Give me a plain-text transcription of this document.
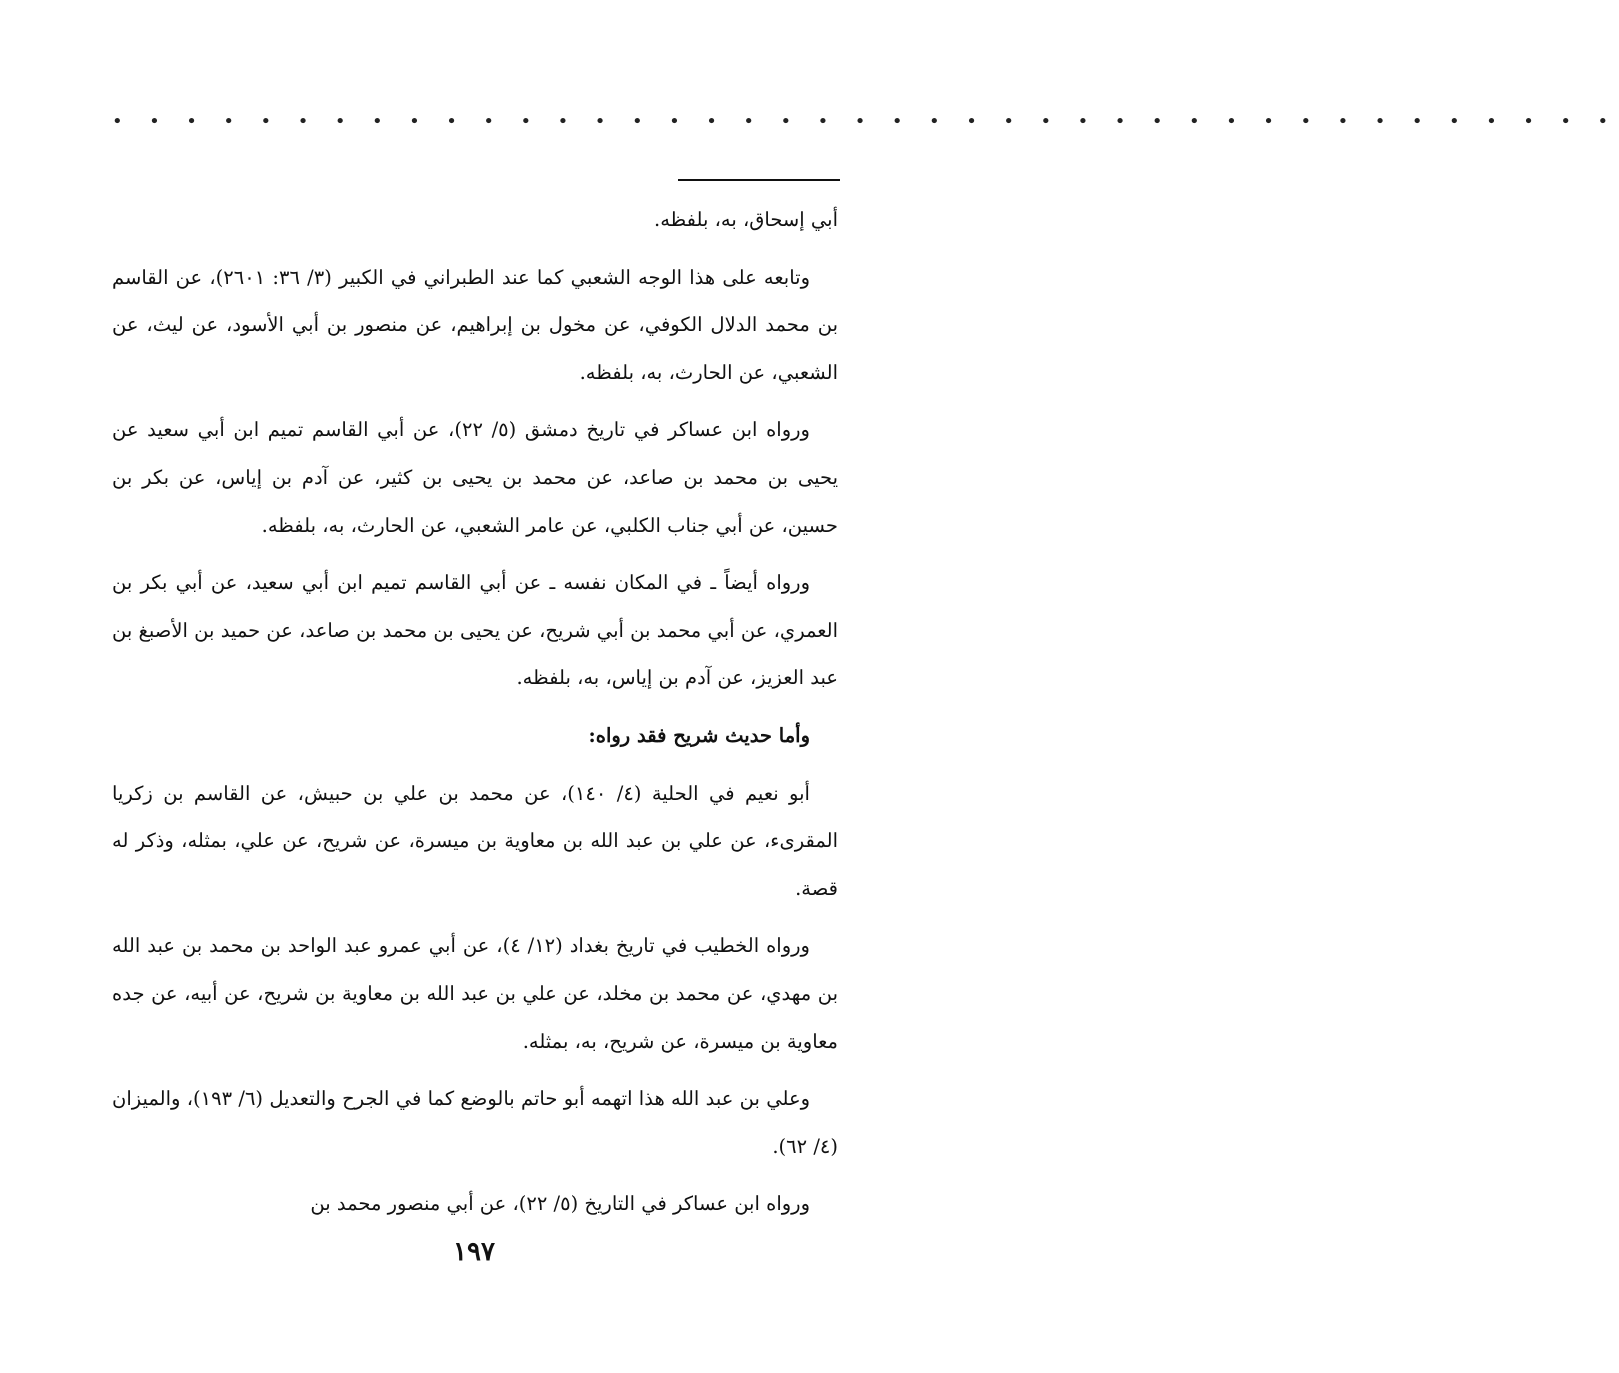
• • • • • • • • • • • • • • • • • • • • • • • • • • • • • • • • • • • • • • • • •

أبي إسحاق، به، بلفظه.

وتابعه على هذا الوجه الشعبي كما عند الطبراني في الكبير (٣/ ٣٦: ٢٦٠١)، عن القاسم بن محمد الدلال الكوفي، عن مخول بن إبراهيم، عن منصور بن أبي الأسود، عن ليث، عن الشعبي، عن الحارث، به، بلفظه.

ورواه ابن عساكر في تاريخ دمشق (٥/ ٢٢)، عن أبي القاسم تميم ابن أبي سعيد عن يحيى بن محمد بن صاعد، عن محمد بن يحيى بن كثير، عن آدم بن إياس، عن بكر بن حسين، عن أبي جناب الكلبي، عن عامر الشعبي، عن الحارث، به، بلفظه.

ورواه أيضاً ـ في المكان نفسه ـ عن أبي القاسم تميم ابن أبي سعيد، عن أبي بكر بن العمري، عن أبي محمد بن أبي شريح، عن يحيى بن محمد بن صاعد، عن حميد بن الأصبغ بن عبد العزيز، عن آدم بن إياس، به، بلفظه.

وأما حديث شريح فقد رواه:

أبو نعيم في الحلية (٤/ ١٤٠)، عن محمد بن علي بن حبيش، عن القاسم بن زكريا المقرىء، عن علي بن عبد الله بن معاوية بن ميسرة، عن شريح، عن علي، بمثله، وذكر له قصة.

ورواه الخطيب في تاريخ بغداد (١٢/ ٤)، عن أبي عمرو عبد الواحد بن محمد بن عبد الله بن مهدي، عن محمد بن مخلد، عن علي بن عبد الله بن معاوية بن شريح، عن أبيه، عن جده معاوية بن ميسرة، عن شريح، به، بمثله.

وعلي بن عبد الله هذا اتهمه أبو حاتم بالوضع كما في الجرح والتعديل (٦/ ١٩٣)، والميزان (٤/ ٦٢).

ورواه ابن عساكر في التاريخ (٥/ ٢٢)، عن أبي منصور محمد بن

١٩٧
